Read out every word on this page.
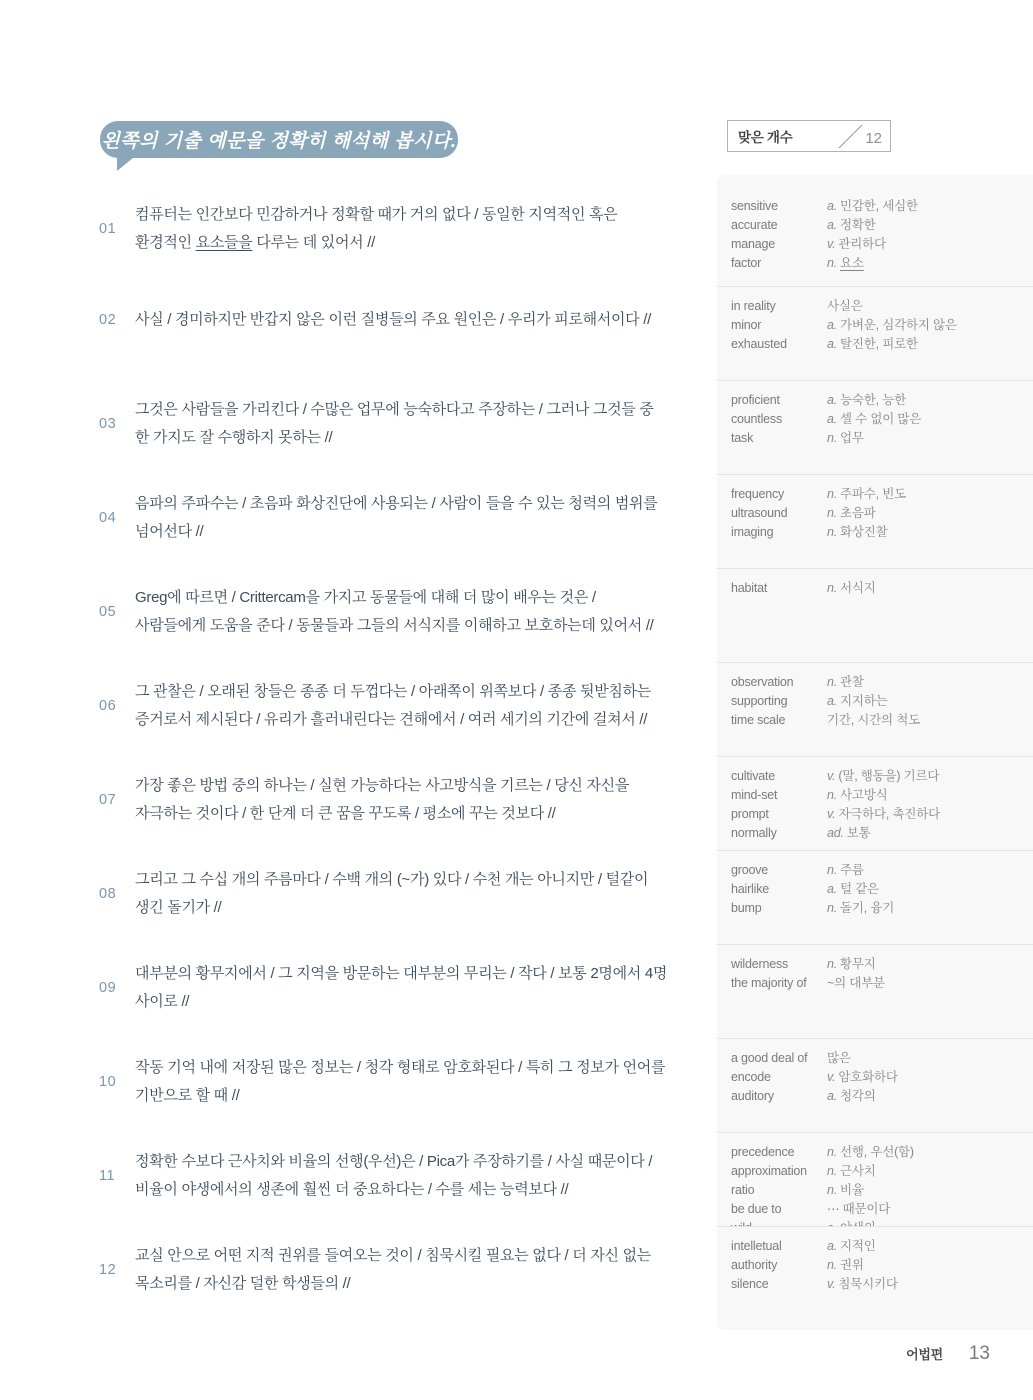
왼쪽의 기출 예문을 정확히 해석해 봅시다.	맞은 개수	12
01

컴퓨터는 인간보다 민감하거나 정확할 때가 거의 없다 / 동일한 지역적인 혹은 환경적인 요소들을 다루는 데 있어서 //

sensitive	a. 민감한, 세심한
accurate	a. 정확한
manage	v. 관리하다
factor	n. 요소
02	사실 / 경미하지만 반갑지 않은 이런 질병들의 주요 원인은 / 우리가 피로해서이다 //

in reality	사실은
minor	a. 가벼운, 심각하지 않은
exhausted	a. 탈진한, 피로한
03

그것은 사람들을 가리킨다 / 수많은 업무에 능숙하다고 주장하는 / 그러나 그것들 중 한 가지도 잘 수행하지 못하는 //

proficient	a. 능숙한, 능한
countless	a. 셀 수 없이 많은
task	n. 업무
04

음파의 주파수는 / 초음파 화상진단에 사용되는 / 사람이 들을 수 있는 청력의 범위를 넘어선다 //

frequency	n. 주파수, 빈도
ultrasound	n. 초음파
imaging	n. 화상진찰
05

Greg에 따르면 / Crittercam을 가지고 동물들에 대해 더 많이 배우는 것은 / 사람들에게 도움을 준다 / 동물들과 그들의 서식지를 이해하고 보호하는데 있어서 //

habitat	n. 서식지
06

그 관찰은 / 오래된 창들은 종종 더 두껍다는 / 아래쪽이 위쪽보다 / 종종 뒷받침하는 증거로서 제시된다 / 유리가 흘러내린다는 견해에서 / 여러 세기의 기간에 걸쳐서 //

observation	n. 관찰
supporting	a. 지지하는
time scale	기간, 시간의 척도
07

가장 좋은 방법 중의 하나는 / 실현 가능하다는 사고방식을 기르는 / 당신 자신을 자극하는 것이다 / 한 단계 더 큰 꿈을 꾸도록 / 평소에 꾸는 것보다 //

cultivate	v. (말, 행동을) 기르다
mind-set	n. 사고방식
prompt	v. 자극하다, 촉진하다
normally	ad. 보통
08

그리고 그 수십 개의 주름마다 / 수백 개의 (~가) 있다 / 수천 개는 아니지만 / 털같이 생긴 돌기가 //

groove	n. 주름
hairlike	a. 털 같은
bump	n. 돌기, 융기
09

대부분의 황무지에서 / 그 지역을 방문하는 대부분의 무리는 / 작다 / 보통 2명에서 4명 사이로 //

wilderness	n. 황무지
the majority of	~의 대부분
10

작동 기억 내에 저장된 많은 정보는 / 청각 형태로 암호화된다 / 특히 그 정보가 언어를 기반으로 할 때 //

a good deal of	많은
encode	v. 암호화하다
auditory	a. 청각의
11

정확한 수보다 근사치와 비율의 선행(우선)은 / Pica가 주장하기를 / 사실 때문이다 / 비율이 야생에서의 생존에 훨씬 더 중요하다는 / 수를 세는 능력보다 //

precedence	n. 선행, 우선(함)
approximation	n. 근사치
ratio	n. 비율
be due to	⋯ 때문이다
12

교실 안으로 어떤 지적 권위를 들여오는 것이 / 침묵시킬 필요는 없다 / 더 자신 없는 목소리를 / 자신감 덜한 학생들의 //

intelletual	a. 지적인
authority	n. 권위
silence	v. 침묵시키다
어법편 13
